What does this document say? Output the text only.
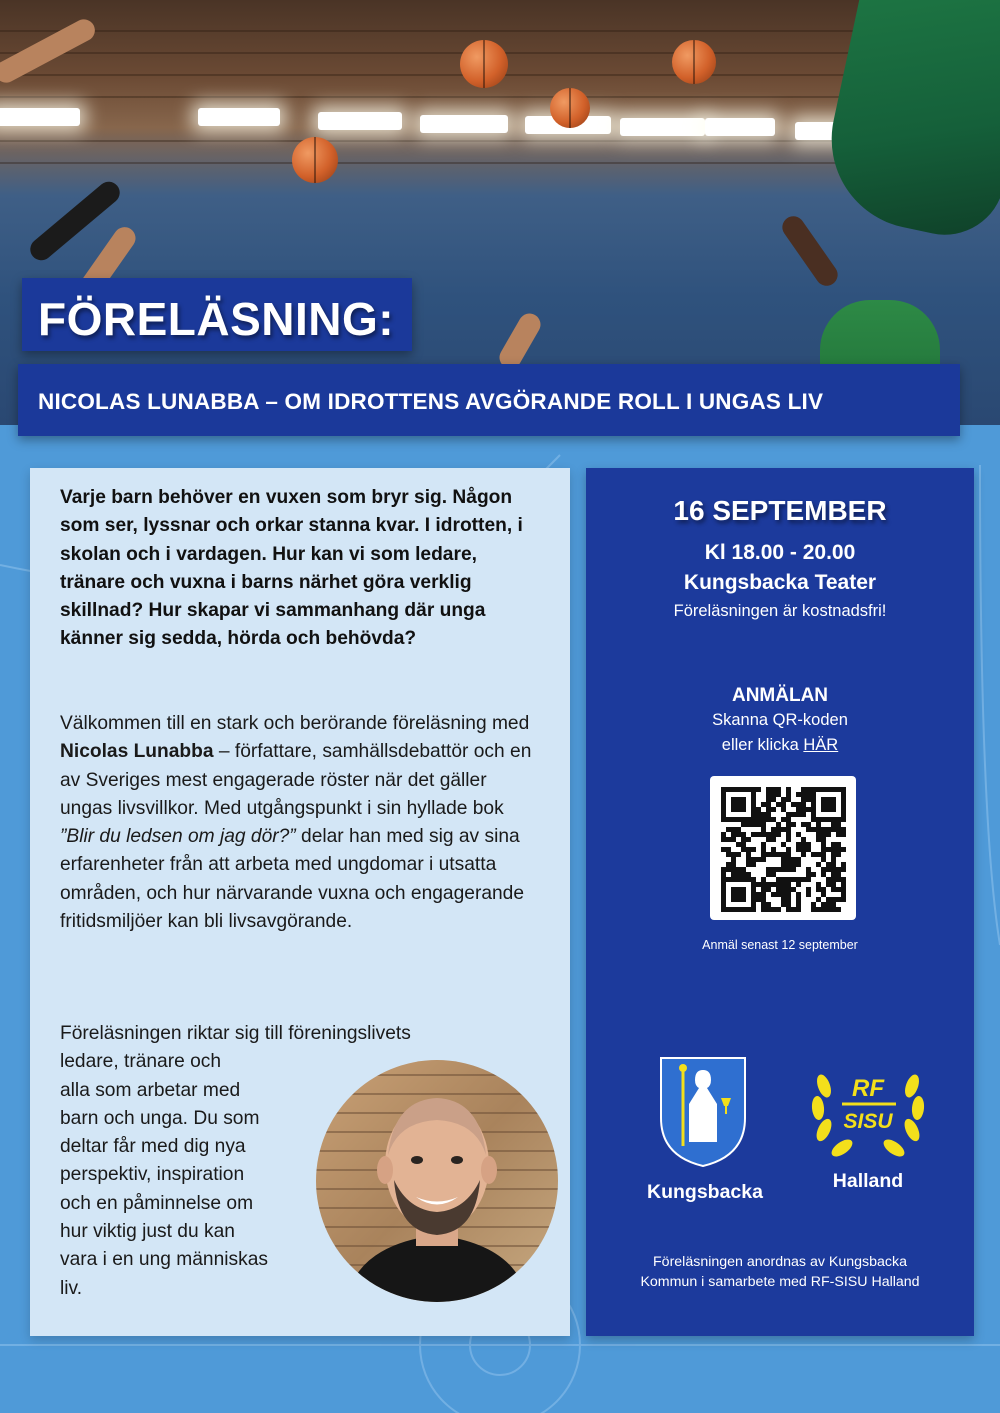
FÖRELÄSNING:
NICOLAS LUNABBA – OM IDROTTENS AVGÖRANDE ROLL I UNGAS LIV

Varje barn behöver en vuxen som bryr sig. Någon som ser, lyssnar och orkar stanna kvar. I idrotten, i skolan och i vardagen. Hur kan vi som ledare, tränare och vuxna i barns närhet göra verklig skillnad? Hur skapar vi sammanhang där unga känner sig sedda, hörda och behövda?

Välkommen till en stark och berörande föreläsning med Nicolas Lunabba – författare, samhällsdebattör och en av Sveriges mest engagerade röster när det gäller ungas livsvillkor. Med utgångspunkt i sin hyllade bok ”Blir du ledsen om jag dör?” delar han med sig av sina erfarenheter från att arbeta med ungdomar i utsatta områden, och hur närvarande vuxna och engagerande fritidsmiljöer kan bli livsavgörande.

Föreläsningen riktar sig till föreningslivets
ledare, tränare och
alla som arbetar med
barn och unga. Du som
deltar får med dig nya
perspektiv, inspiration
och en påminnelse om
hur viktig just du kan
vara i en ung människas
liv.

16 SEPTEMBER

Kl 18.00 - 20.00

Kungsbacka Teater

Föreläsningen är kostnadsfri!

ANMÄLAN

Skanna QR-koden

eller klicka HÄR

Anmäl senast 12 september

RF
SISU

Kungsbacka	Halland

Föreläsningen anordnas av Kungsbacka
Kommun i samarbete med RF-SISU Halland
